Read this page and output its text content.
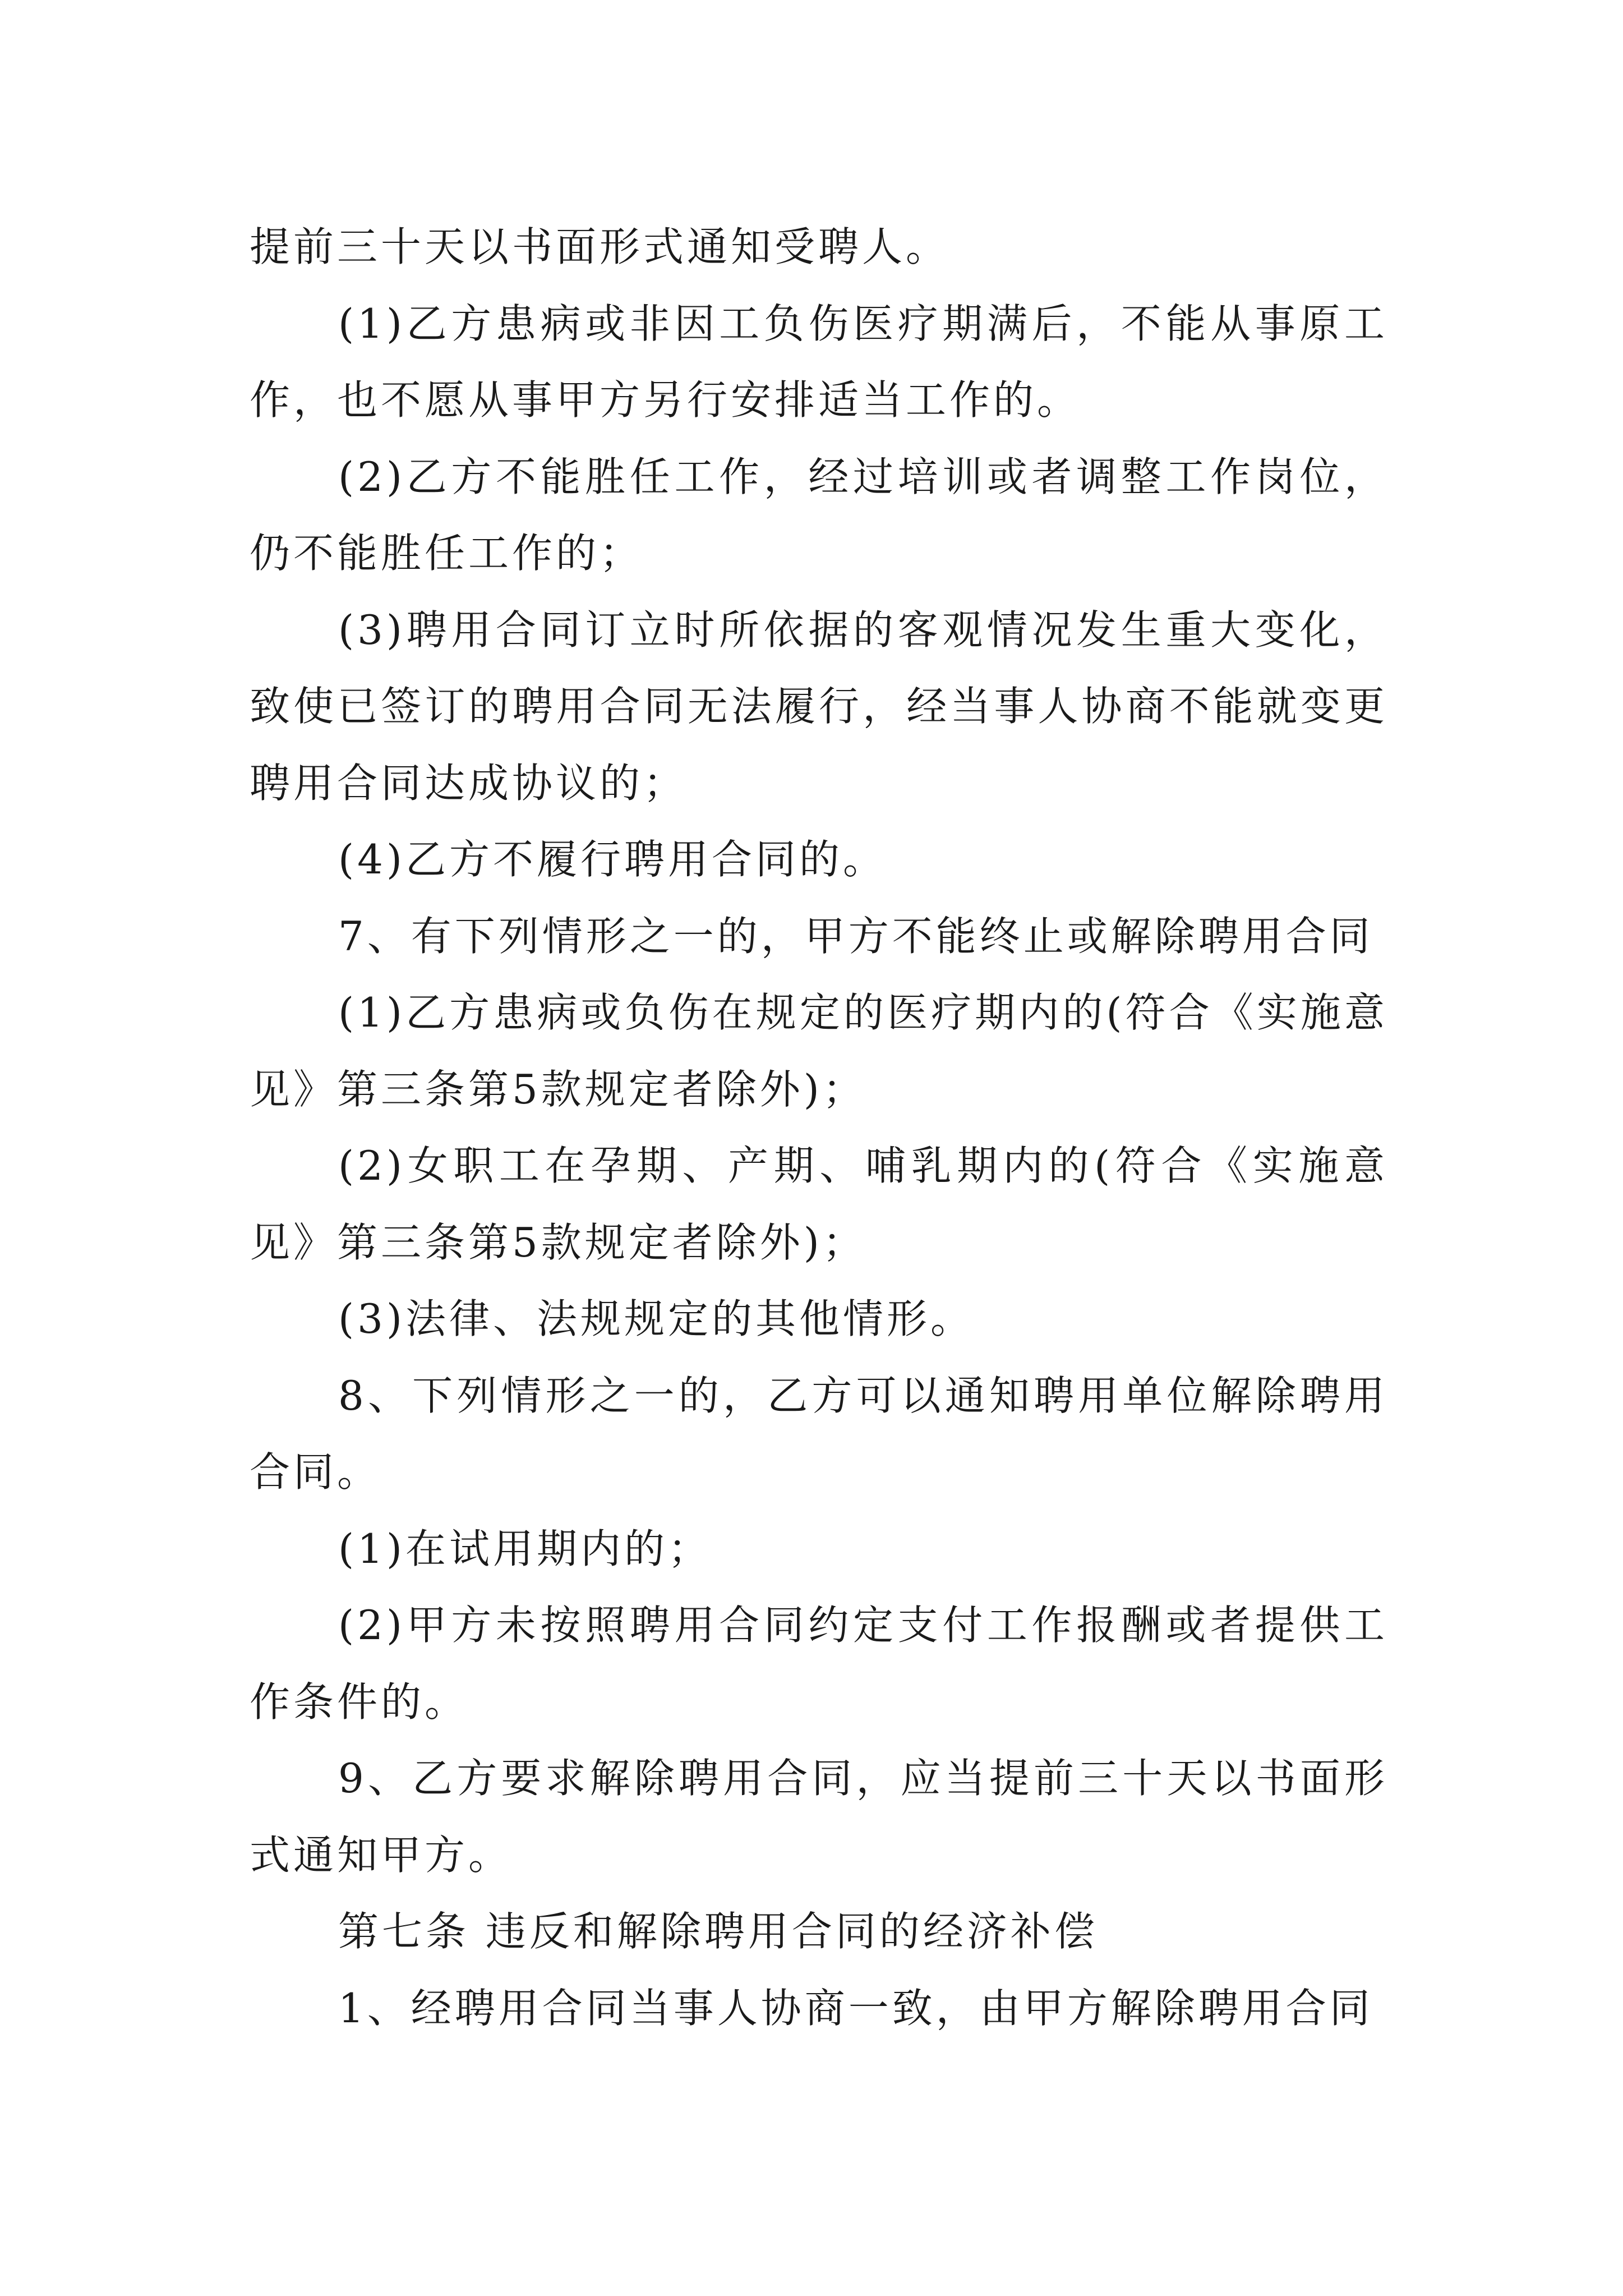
提前三十天以书面形式通知受聘人。

(1)乙方患病或非因工负伤医疗期满后，不能从事原工作，也不愿从事甲方另行安排适当工作的。

(2)乙方不能胜任工作，经过培训或者调整工作岗位，仍不能胜任工作的；

(3)聘用合同订立时所依据的客观情况发生重大变化，致使已签订的聘用合同无法履行，经当事人协商不能就变更聘用合同达成协议的；

(4)乙方不履行聘用合同的。

7、有下列情形之一的，甲方不能终止或解除聘用合同

(1)乙方患病或负伤在规定的医疗期内的(符合《实施意见》第三条第5款规定者除外)；

(2)女职工在孕期、产期、哺乳期内的(符合《实施意见》第三条第5款规定者除外)；

(3)法律、法规规定的其他情形。

8、下列情形之一的，乙方可以通知聘用单位解除聘用合同。

(1)在试用期内的；

(2)甲方未按照聘用合同约定支付工作报酬或者提供工作条件的。

9、乙方要求解除聘用合同，应当提前三十天以书面形式通知甲方。

第七条 违反和解除聘用合同的经济补偿

1、经聘用合同当事人协商一致，由甲方解除聘用合同
